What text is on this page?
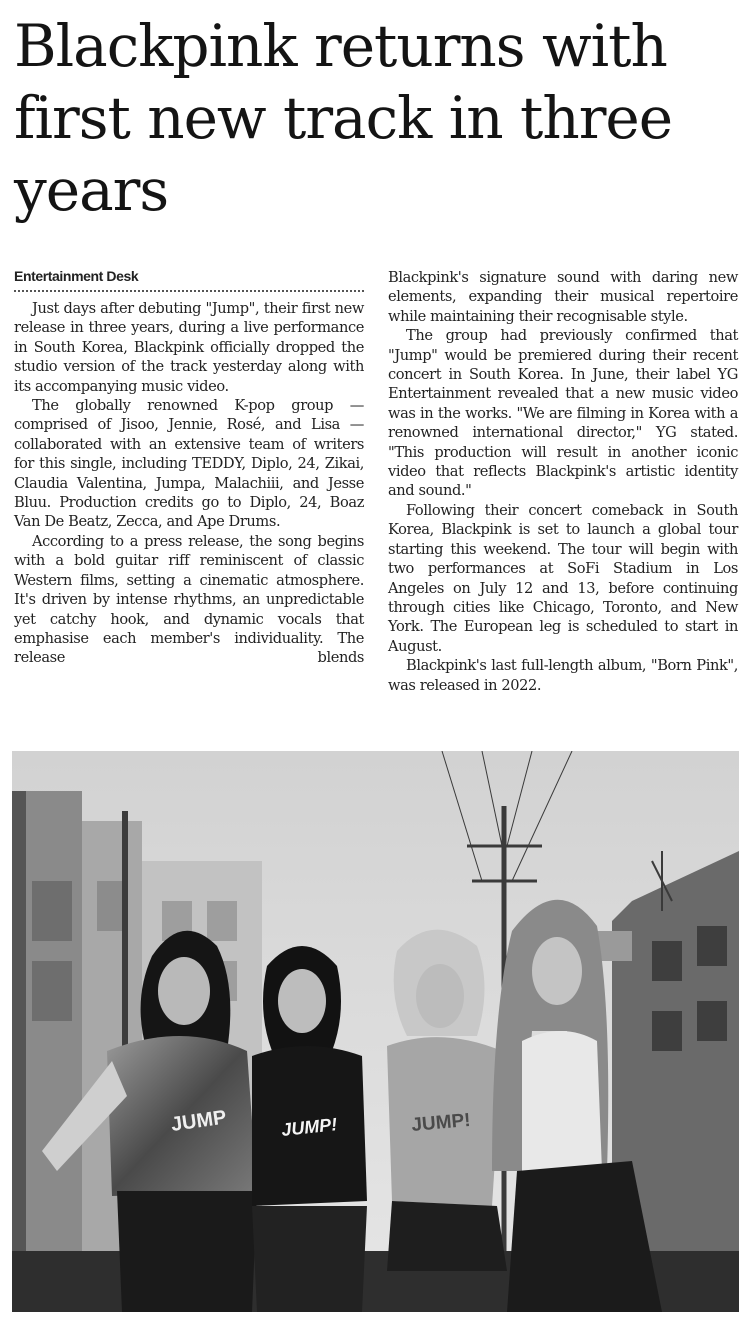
Blackpink returns with first new track in three years
Entertainment Desk

Just days after debuting "Jump", their first new release in three years, during a live performance in South Korea, Blackpink officially dropped the studio version of the track yesterday along with its accompanying music video.

The globally renowned K-pop group — comprised of Jisoo, Jennie, Rosé, and Lisa — collaborated with an extensive team of writers for this single, including TEDDY, Diplo, 24, Zikai, Claudia Valentina, Jumpa, Malachiii, and Jesse Bluu. Production credits go to Diplo, 24, Boaz Van De Beatz, Zecca, and Ape Drums.

According to a press release, the song begins with a bold guitar riff reminiscent of classic Western films, setting a cinematic atmosphere. It's driven by intense rhythms, an unpredictable yet catchy hook, and dynamic vocals that emphasise each member's individuality. The release blends

Blackpink's signature sound with daring new elements, expanding their musical repertoire while maintaining their recognisable style.

The group had previously confirmed that "Jump" would be premiered during their recent concert in South Korea. In June, their label YG Entertainment revealed that a new music video was in the works. "We are filming in Korea with a renowned international director," YG stated. "This production will result in another iconic video that reflects Blackpink's artistic identity and sound."

Following their concert comeback in South Korea, Blackpink is set to launch a global tour starting this weekend. The tour will begin with two performances at SoFi Stadium in Los Angeles on July 12 and 13, before continuing through cities like Chicago, Toronto, and New York. The European leg is scheduled to start in August.

Blackpink's last full-length album, "Born Pink", was released in 2022.

JUMP	JUMP!	JUMP!
